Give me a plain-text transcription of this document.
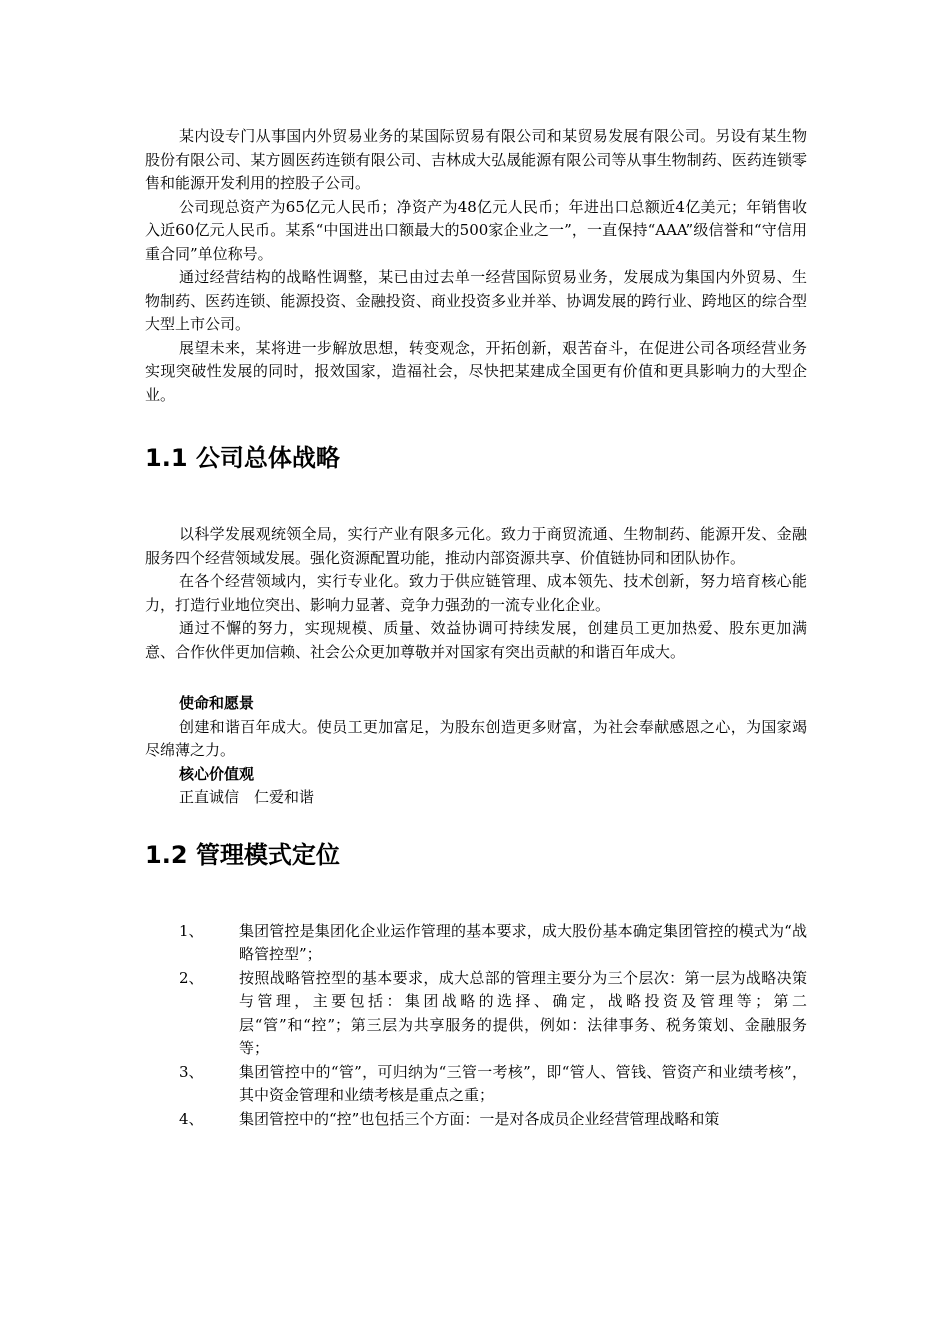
某内设专门从事国内外贸易业务的某国际贸易有限公司和某贸易发展有限公司。另设有某生物股份有限公司、某方圆医药连锁有限公司、吉林成大弘晟能源有限公司等从事生物制药、医药连锁零售和能源开发利用的控股子公司。

公司现总资产为65亿元人民币；净资产为48亿元人民币；年进出口总额近4亿美元；年销售收入近60亿元人民币。某系“中国进出口额最大的500家企业之一”，一直保持“AAA”级信誉和“守信用重合同”单位称号。

通过经营结构的战略性调整，某已由过去单一经营国际贸易业务，发展成为集国内外贸易、生物制药、医药连锁、能源投资、金融投资、商业投资多业并举、协调发展的跨行业、跨地区的综合型大型上市公司。

展望未来，某将进一步解放思想，转变观念，开拓创新，艰苦奋斗，在促进公司各项经营业务实现突破性发展的同时，报效国家，造福社会，尽快把某建成全国更有价值和更具影响力的大型企业。

1.1 公司总体战略

以科学发展观统领全局，实行产业有限多元化。致力于商贸流通、生物制药、能源开发、金融服务四个经营领域发展。强化资源配置功能，推动内部资源共享、价值链协同和团队协作。

在各个经营领域内，实行专业化。致力于供应链管理、成本领先、技术创新，努力培育核心能力，打造行业地位突出、影响力显著、竞争力强劲的一流专业化企业。

通过不懈的努力，实现规模、质量、效益协调可持续发展，创建员工更加热爱、股东更加满意、合作伙伴更加信赖、社会公众更加尊敬并对国家有突出贡献的和谐百年成大。

使命和愿景

创建和谐百年成大。使员工更加富足，为股东创造更多财富，为社会奉献感恩之心，为国家竭尽绵薄之力。

核心价值观

正直诚信　仁爱和谐

1.2 管理模式定位
1、	集团管控是集团化企业运作管理的基本要求，成大股份基本确定集团管控的模式为“战略管控型”；
2、	按照战略管控型的基本要求，成大总部的管理主要分为三个层次：第一层为战略决策与管理，主要包括：集团战略的选择、确定，战略投资及管理等；第二层“管”和“控”；第三层为共享服务的提供，例如：法律事务、税务策划、金融服务等；
3、	集团管控中的“管”，可归纳为“三管一考核”，即“管人、管钱、管资产和业绩考核”，其中资金管理和业绩考核是重点之重；
4、	集团管控中的“控”也包括三个方面：一是对各成员企业经营管理战略和策
